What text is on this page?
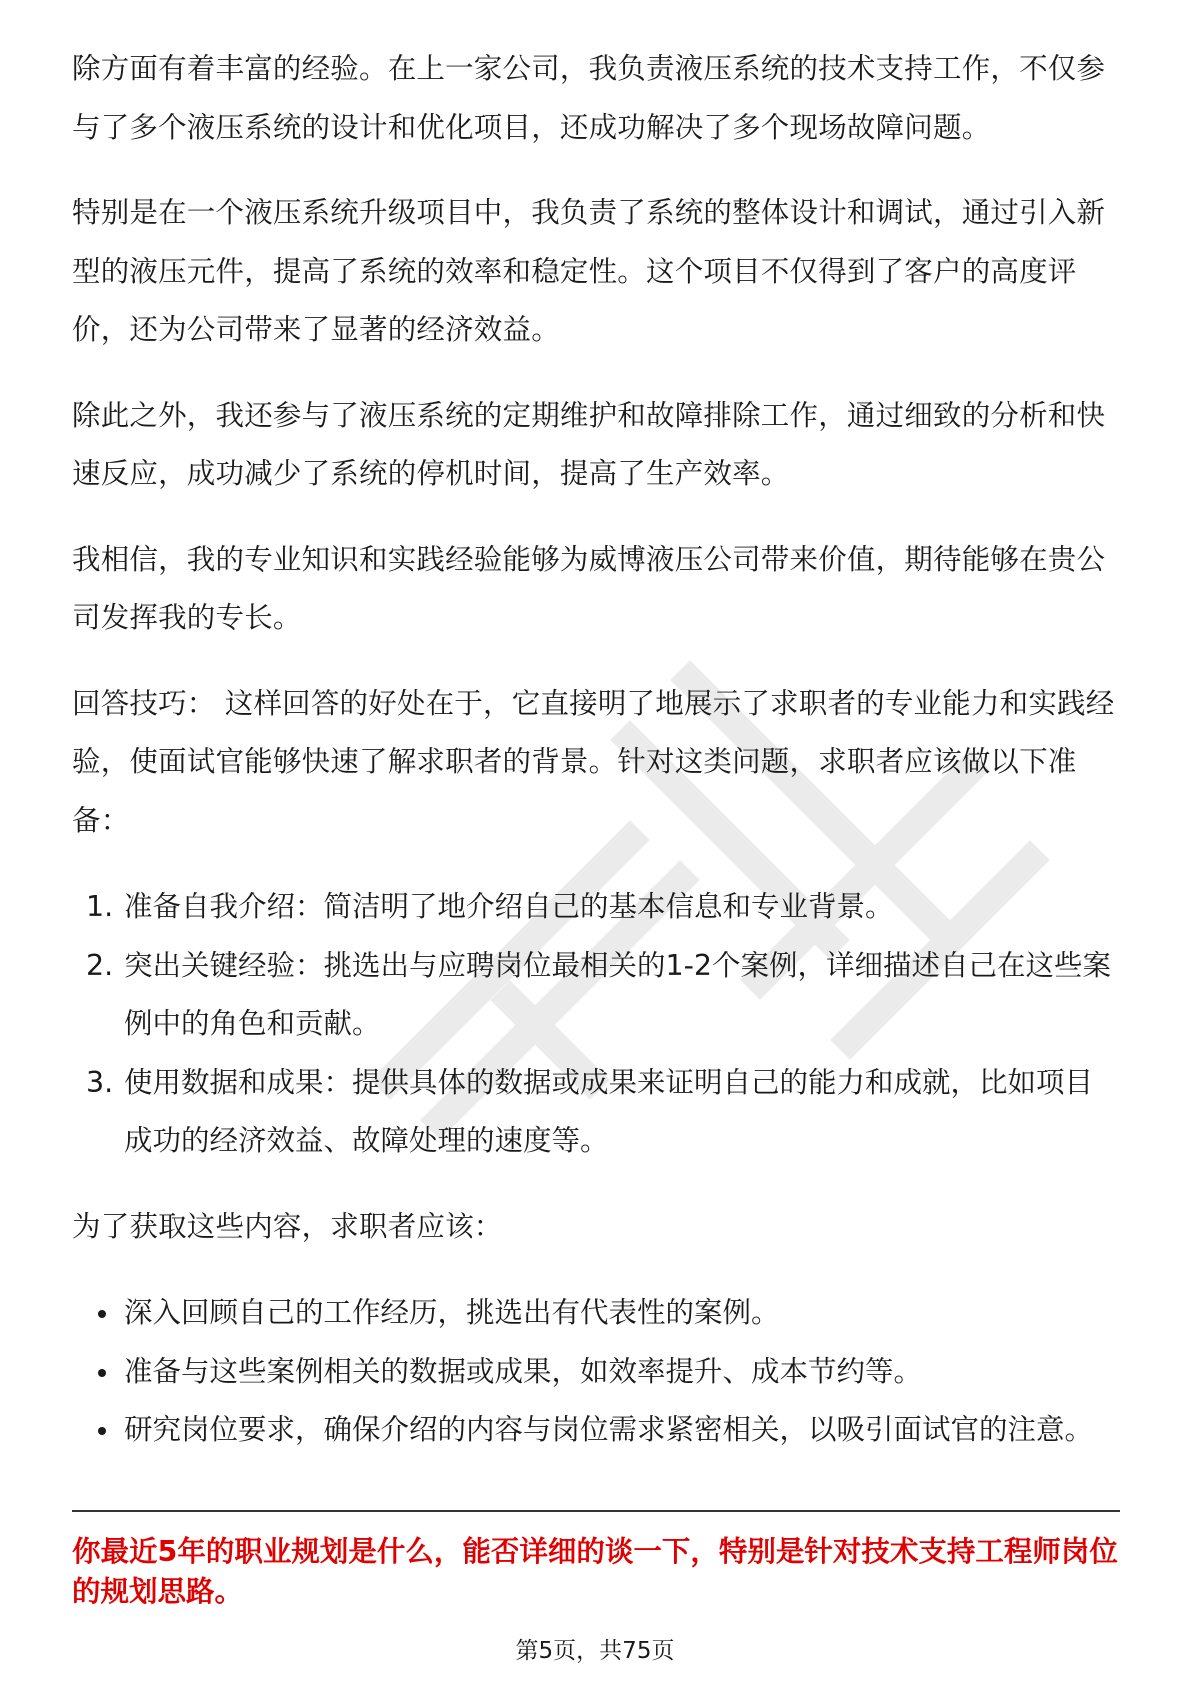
除方面有着丰富的经验。在上一家公司，我负责液压系统的技术支持工作，不仅参与了多个液压系统的设计和优化项目，还成功解决了多个现场故障问题。

特别是在一个液压系统升级项目中，我负责了系统的整体设计和调试，通过引入新型的液压元件，提高了系统的效率和稳定性。这个项目不仅得到了客户的高度评价，还为公司带来了显著的经济效益。

除此之外，我还参与了液压系统的定期维护和故障排除工作，通过细致的分析和快速反应，成功减少了系统的停机时间，提高了生产效率。

我相信，我的专业知识和实践经验能够为威博液压公司带来价值，期待能够在贵公司发挥我的专长。

回答技巧： 这样回答的好处在于，它直接明了地展示了求职者的专业能力和实践经验，使面试官能够快速了解求职者的背景。针对这类问题，求职者应该做以下准备：

1. 准备自我介绍：简洁明了地介绍自己的基本信息和专业背景。
2. 突出关键经验：挑选出与应聘岗位最相关的1-2个案例，详细描述自己在这些案例中的角色和贡献。
3. 使用数据和成果：提供具体的数据或成果来证明自己的能力和成就，比如项目成功的经济效益、故障处理的速度等。

为了获取这些内容，求职者应该：

深入回顾自己的工作经历，挑选出有代表性的案例。
准备与这些案例相关的数据或成果，如效率提升、成本节约等。
研究岗位要求，确保介绍的内容与岗位需求紧密相关，以吸引面试官的注意。
你最近5年的职业规划是什么，能否详细的谈一下，特别是针对技术支持工程师岗位的规划思路。
第5页，共75页
